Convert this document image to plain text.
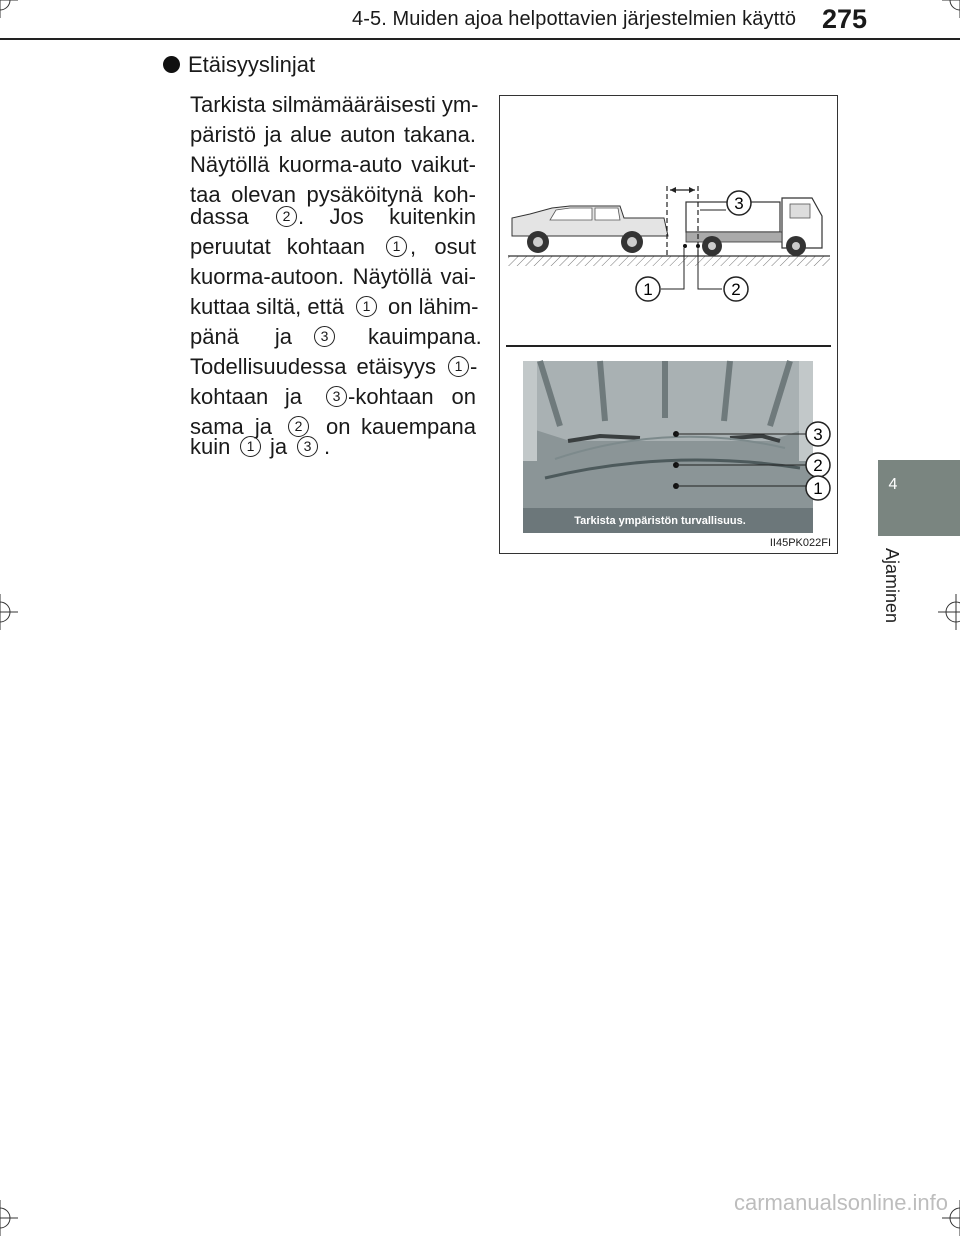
4-5. Muiden ajoa helpottavien järjestelmien käyttö 275
4
Ajaminen
Etäisyyslinjat
Tarkista silmämääräisesti ym-
päristö ja alue auton takana.
Näytöllä kuorma-auto vaikut-
taa olevan pysäköitynä koh-
dassa	2 . Jos kuitenkin
peruutat kohtaan	1 , osut
kuorma-autoon. Näytöllä vai-
kuttaa siltä, että	1 on lähim-
pänä ja	3	kauimpana.
Todellisuudessa etäisyys	1 -
kohtaan ja	3 -kohtaan on
sama ja	2	on kauempana
kuin	1 ja	3 .
3
1	2
Tarkista ympäristön turvallisuus.
3
2
1
II45PK022FI
carmanualsonline.info
